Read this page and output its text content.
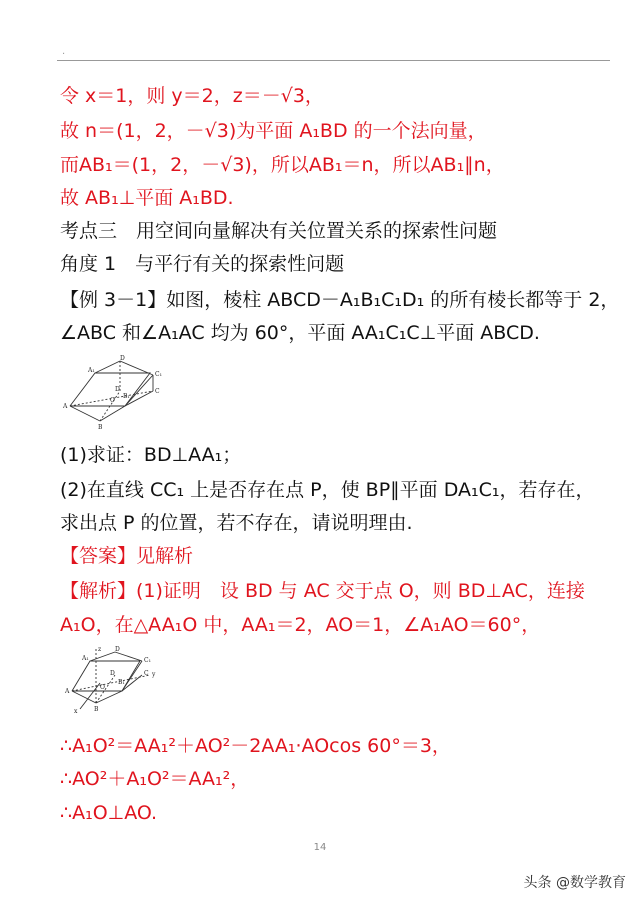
.
令 x＝1，则 y＝2，z＝－√3，
故 n＝(1，2，－√3)为平面 A₁BD 的一个法向量，
而AB₁＝(1，2，－√3)，所以AB₁＝n，所以AB₁∥n，
故 AB₁⊥平面 A₁BD.
考点三　用空间向量解决有关位置关系的探索性问题
角度 1　与平行有关的探索性问题
【例 3－1】如图，棱柱 ABCD－A₁B₁C₁D₁ 的所有棱长都等于 2，
∠ABC 和∠A₁AC 均为 60°，平面 AA₁C₁C⊥平面 ABCD.
D
A₁
C₁
B₁
D
O
C
A
B
(1)求证：BD⊥AA₁；
(2)在直线 CC₁ 上是否存在点 P，使 BP∥平面 DA₁C₁，若存在，
求出点 P 的位置，若不存在，请说明理由.
【答案】见解析
【解析】(1)证明　设 BD 与 AC 交于点 O，则 BD⊥AC，连接
A₁O，在△AA₁O 中，AA₁＝2，AO＝1，∠A₁AO＝60°，
z D
A₁	C₁
B₁
D
O
C y
A
x	B
∴A₁O²＝AA₁²＋AO²－2AA₁·AOcos 60°＝3，
∴AO²＋A₁O²＝AA₁²，
∴A₁O⊥AO.
14
头条 @数学教育
